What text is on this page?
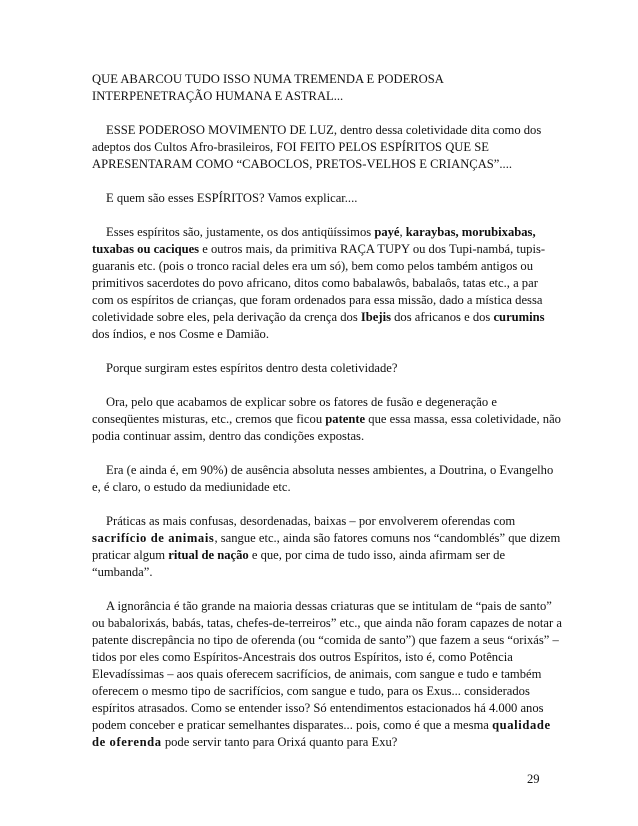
QUE ABARCOU TUDO ISSO NUMA TREMENDA E PODEROSA INTERPENETRAÇÃO HUMANA E ASTRAL...

ESSE PODEROSO MOVIMENTO DE LUZ, dentro dessa coletividade dita como dos adeptos dos Cultos Afro-brasileiros, FOI FEITO PELOS ESPÍRITOS QUE SE APRESENTARAM COMO “CABOCLOS, PRETOS-VELHOS E CRIANÇAS”....

E quem são esses ESPÍRITOS? Vamos explicar....

Esses espíritos são, justamente, os dos antiqüíssimos payé, karaybas, morubixabas, tuxabas ou caciques e outros mais, da primitiva RAÇA TUPY ou dos Tupi-nambá, tupis-guaranis etc. (pois o tronco racial deles era um só), bem como pelos também antigos ou primitivos sacerdotes do povo africano, ditos como babalawôs, babalaôs, tatas etc., a par com os espíritos de crianças, que foram ordenados para essa missão, dado a mística dessa coletividade sobre eles, pela derivação da crença dos Ibejis dos africanos e dos curumins dos índios, e nos Cosme e Damião.

Porque surgiram estes espíritos dentro desta coletividade?

Ora, pelo que acabamos de explicar sobre os fatores de fusão e degeneração e conseqüentes misturas, etc., cremos que ficou patente que essa massa, essa coletividade, não podia continuar assim, dentro das condições expostas.

Era (e ainda é, em 90%) de ausência absoluta nesses ambientes, a Doutrina, o Evangelho e, é claro, o estudo da mediunidade etc.

Práticas as mais confusas, desordenadas, baixas – por envolverem oferendas com sacrifício de animais, sangue etc., ainda são fatores comuns nos “candomblés” que dizem praticar algum ritual de nação e que, por cima de tudo isso, ainda afirmam ser de “umbanda”.

A ignorância é tão grande na maioria dessas criaturas que se intitulam de “pais de santo” ou babalorixás, babás, tatas, chefes-de-terreiros” etc., que ainda não foram capazes de notar a patente discrepância no tipo de oferenda (ou “comida de santo”) que fazem a seus “orixás” – tidos por eles como Espíritos-Ancestrais dos outros Espíritos, isto é, como Potência Elevadíssimas – aos quais oferecem sacrifícios, de animais, com sangue e tudo e também oferecem o mesmo tipo de sacrifícios, com sangue e tudo, para os Exus... considerados espíritos atrasados. Como se entender isso? Só entendimentos estacionados há 4.000 anos podem conceber e praticar semelhantes disparates... pois, como é que a mesma qualidade de oferenda pode servir tanto para Orixá quanto para Exu?

29
